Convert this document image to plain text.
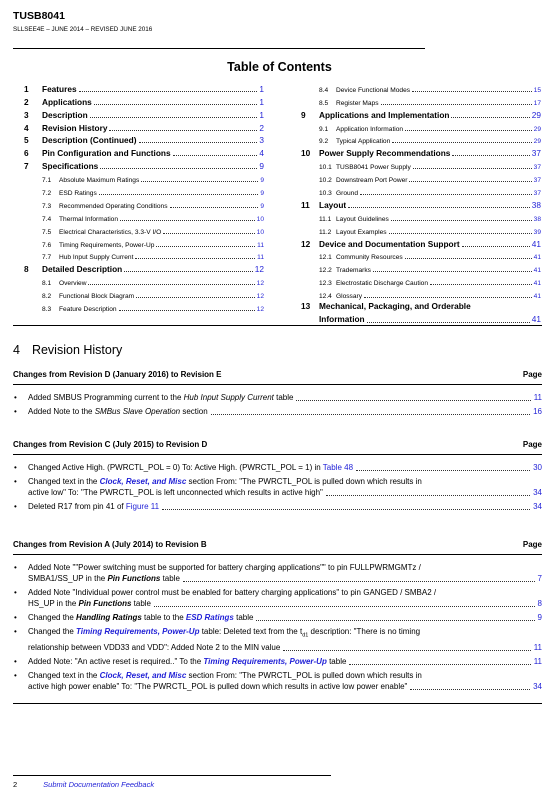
TUSB8041
SLLSEE4E – JUNE 2014 – REVISED JUNE 2016
Table of Contents
1	Features	1
2	Applications	1
3	Description	1
4	Revision History	2
5	Description (Continued)	3
6	Pin Configuration and Functions	4
7	Specifications	9
7.1	Absolute Maximum Ratings	9
7.2	ESD Ratings	9
7.3	Recommended Operating Conditions	9
7.4	Thermal Information	10
7.5	Electrical Characteristics, 3.3-V I/O	10
7.6	Timing Requirements, Power-Up	11
7.7	Hub Input Supply Current	11
8	Detailed Description	12
8.1	Overview	12
8.2	Functional Block Diagram	12
8.3	Feature Description	12
8.4	Device Functional Modes	15
8.5	Register Maps	17
9	Applications and Implementation	29
9.1	Application Information	29
9.2	Typical Application	29
10	Power Supply Recommendations	37
10.1 TUSB8041 Power Supply	37
10.2 Downstream Port Power	37
10.3 Ground	37
11	Layout	38
11.1 Layout Guidelines	38
11.2 Layout Examples	39
12	Device and Documentation Support	41
12.1 Community Resources	41
12.2 Trademarks	41
12.3 Electrostatic Discharge Caution	41
12.4 Glossary	41
13	Mechanical, Packaging, and Orderable
Information	41
4 Revision History
Changes from Revision D (January 2016) to Revision E	Page
• Added SMBUS Programming current to the Hub Input Supply Current table	11
• Added Note to the SMBus Slave Operation section	16
Changes from Revision C (July 2015) to Revision D	Page
• Changed Active High. (PWRCTL_POL = 0) To: Active High. (PWRCTL_POL = 1) in Table 48	30
• Changed text in the Clock, Reset, and Misc section From: "The PWRCTL_POL is pulled down which results in
active low" To: "The PWRCTL_POL is left unconnected which results in active high"	34
• Deleted R17 from pin 41 of Figure 11	34
Changes from Revision A (July 2014) to Revision B	Page
• Added Note ""Power switching must be supported for battery charging applications"" to pin FULLPWRMGMTz /
SMBA1/SS_UP in the Pin Functions table	7
• Added Note "Individual power control must be enabled for battery charging applications" to pin GANGED / SMBA2 /
HS_UP in the Pin Functions table	8
• Changed the Handling Ratings table to the ESD Ratings table	9
• Changed the Timing Requirements, Power-Up table: Deleted text from the $t_{d1}$ description: "There is no timing
relationship between VDD33 and VDD": Added Note 2 to the MIN value	11
• Added Note: "An active reset is required.." To the Timing Requirements, Power-Up table	11
• Changed text in the Clock, Reset, and Misc section From: "The PWRCTL_POL is pulled down which results in
active high power enable" To: "The PWRCTL_POL is pulled down which results in active low power enable"	34
2	Submit Documentation Feedback
